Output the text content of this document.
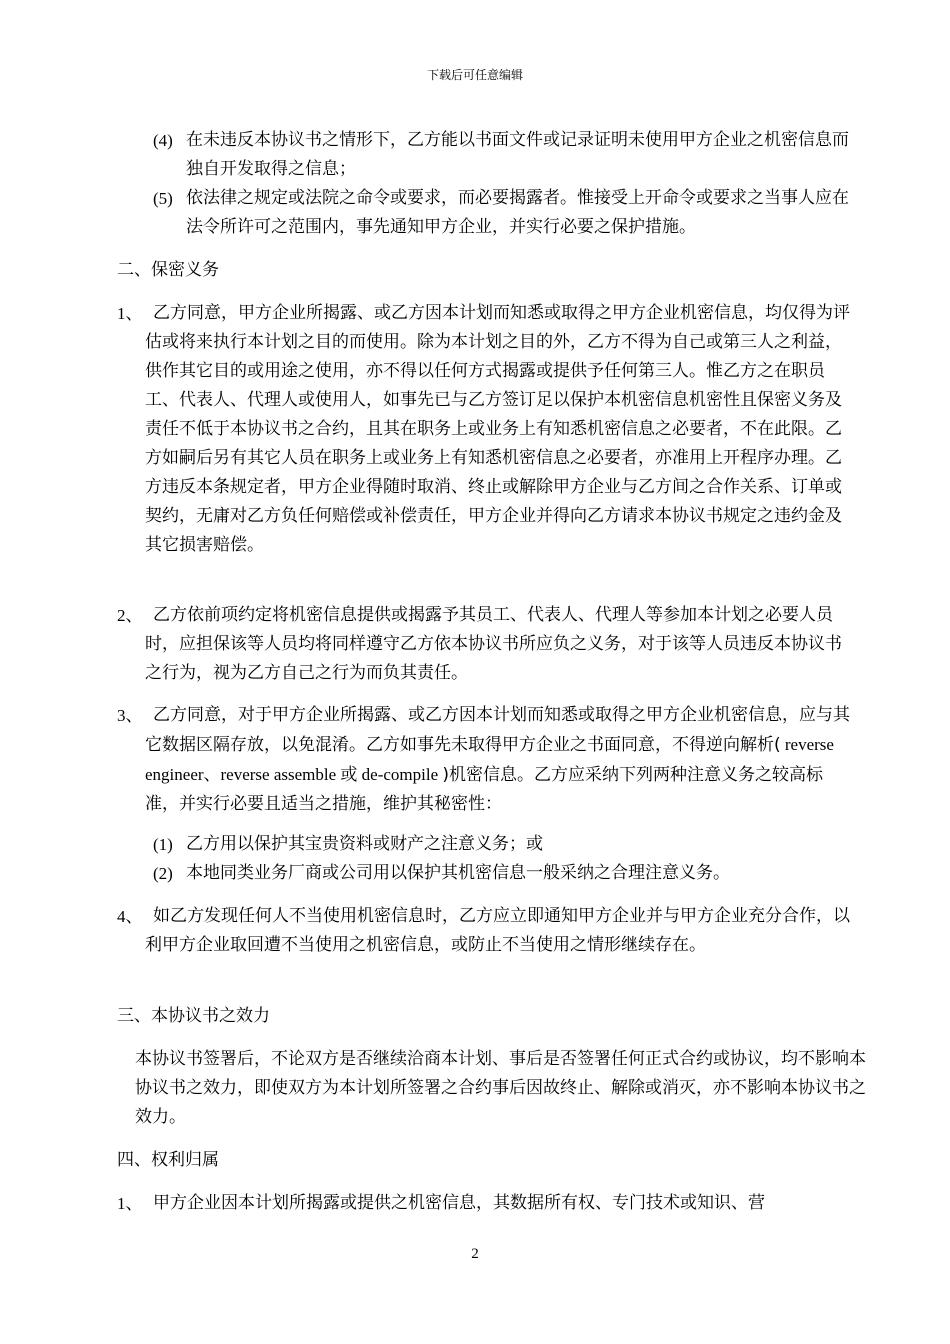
下载后可任意编辑
(4) 在未违反本协议书之情形下，乙方能以书面文件或记录证明未使用甲方企业之机密信息而独自开发取得之信息；
(5) 依法律之规定或法院之命令或要求，而必要揭露者。惟接受上开命令或要求之当事人应在法令所许可之范围内，事先通知甲方企业，并实行必要之保护措施。
二、保密义务
1、 乙方同意，甲方企业所揭露、或乙方因本计划而知悉或取得之甲方企业机密信息，均仅得为评估或将来执行本计划之目的而使用。除为本计划之目的外，乙方不得为自己或第三人之利益，供作其它目的或用途之使用，亦不得以任何方式揭露或提供予任何第三人。惟乙方之在职员工、代表人、代理人或使用人，如事先已与乙方签订足以保护本机密信息机密性且保密义务及责任不低于本协议书之合约，且其在职务上或业务上有知悉机密信息之必要者，不在此限。乙方如嗣后另有其它人员在职务上或业务上有知悉机密信息之必要者，亦准用上开程序办理。乙方违反本条规定者，甲方企业得随时取消、终止或解除甲方企业与乙方间之合作关系、订单或契约，无庸对乙方负任何赔偿或补偿责任，甲方企业并得向乙方请求本协议书规定之违约金及其它损害赔偿。
2、 乙方依前项约定将机密信息提供或揭露予其员工、代表人、代理人等参加本计划之必要人员时，应担保该等人员均将同样遵守乙方依本协议书所应负之义务，对于该等人员违反本协议书之行为，视为乙方自己之行为而负其责任。
3、 乙方同意，对于甲方企业所揭露、或乙方因本计划而知悉或取得之甲方企业机密信息，应与其它数据区隔存放，以免混淆。乙方如事先未取得甲方企业之书面同意，不得逆向解析( reverse engineer、reverse assemble 或 de-compile )机密信息。乙方应采纳下列两种注意义务之较高标准，并实行必要且适当之措施，维护其秘密性：
(1) 乙方用以保护其宝贵资料或财产之注意义务；或
(2) 本地同类业务厂商或公司用以保护其机密信息一般采纳之合理注意义务。
4、 如乙方发现任何人不当使用机密信息时，乙方应立即通知甲方企业并与甲方企业充分合作，以利甲方企业取回遭不当使用之机密信息，或防止不当使用之情形继续存在。
三、本协议书之效力
本协议书签署后，不论双方是否继续洽商本计划、事后是否签署任何正式合约或协议，均不影响本协议书之效力，即使双方为本计划所签署之合约事后因故终止、解除或消灭，亦不影响本协议书之效力。
四、权利归属
1、 甲方企业因本计划所揭露或提供之机密信息，其数据所有权、专门技术或知识、营
2
